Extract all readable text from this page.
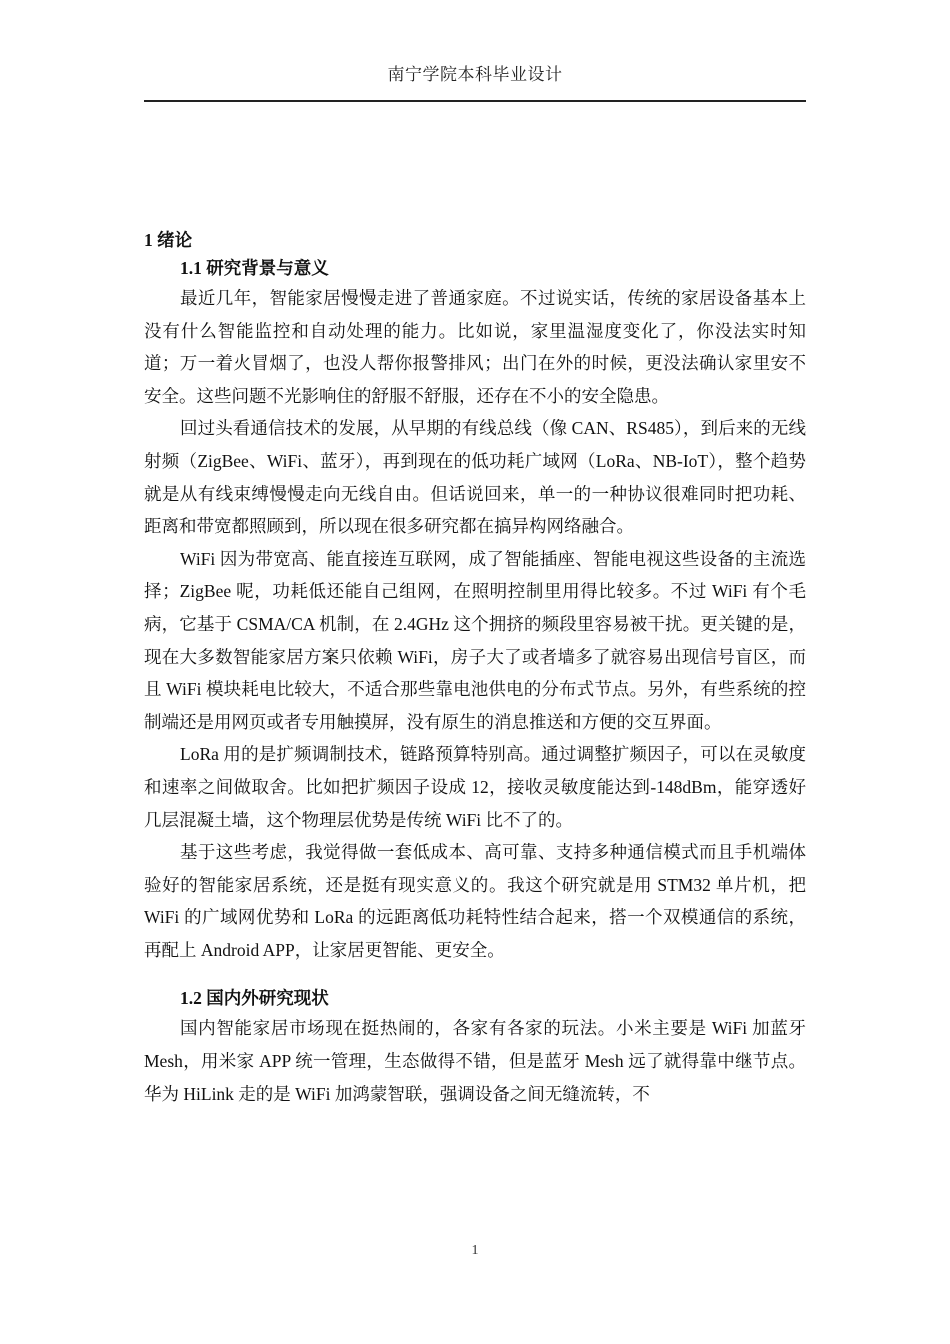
南宁学院本科毕业设计
1 绪论
1.1 研究背景与意义

最近几年，智能家居慢慢走进了普通家庭。不过说实话，传统的家居设备基本上没有什么智能监控和自动处理的能力。比如说，家里温湿度变化了，你没法实时知道；万一着火冒烟了，也没人帮你报警排风；出门在外的时候，更没法确认家里安不安全。这些问题不光影响住的舒服不舒服，还存在不小的安全隐患。

回过头看通信技术的发展，从早期的有线总线（像 CAN、RS485），到后来的无线射频（ZigBee、WiFi、蓝牙），再到现在的低功耗广域网（LoRa、NB-IoT），整个趋势就是从有线束缚慢慢走向无线自由。但话说回来，单一的一种协议很难同时把功耗、距离和带宽都照顾到，所以现在很多研究都在搞异构网络融合。

WiFi 因为带宽高、能直接连互联网，成了智能插座、智能电视这些设备的主流选择；ZigBee 呢，功耗低还能自己组网，在照明控制里用得比较多。不过 WiFi 有个毛病，它基于 CSMA/CA 机制，在 2.4GHz 这个拥挤的频段里容易被干扰。更关键的是，现在大多数智能家居方案只依赖 WiFi，房子大了或者墙多了就容易出现信号盲区，而且 WiFi 模块耗电比较大，不适合那些靠电池供电的分布式节点。另外，有些系统的控制端还是用网页或者专用触摸屏，没有原生的消息推送和方便的交互界面。

LoRa 用的是扩频调制技术，链路预算特别高。通过调整扩频因子，可以在灵敏度和速率之间做取舍。比如把扩频因子设成 12，接收灵敏度能达到-148dBm，能穿透好几层混凝土墙，这个物理层优势是传统 WiFi 比不了的。

基于这些考虑，我觉得做一套低成本、高可靠、支持多种通信模式而且手机端体验好的智能家居系统，还是挺有现实意义的。我这个研究就是用 STM32 单片机，把 WiFi 的广域网优势和 LoRa 的远距离低功耗特性结合起来，搭一个双模通信的系统，再配上 Android APP，让家居更智能、更安全。

1.2 国内外研究现状

国内智能家居市场现在挺热闹的，各家有各家的玩法。小米主要是 WiFi 加蓝牙 Mesh，用米家 APP 统一管理，生态做得不错，但是蓝牙 Mesh 远了就得靠中继节点。华为 HiLink 走的是 WiFi 加鸿蒙智联，强调设备之间无缝流转，不

1
